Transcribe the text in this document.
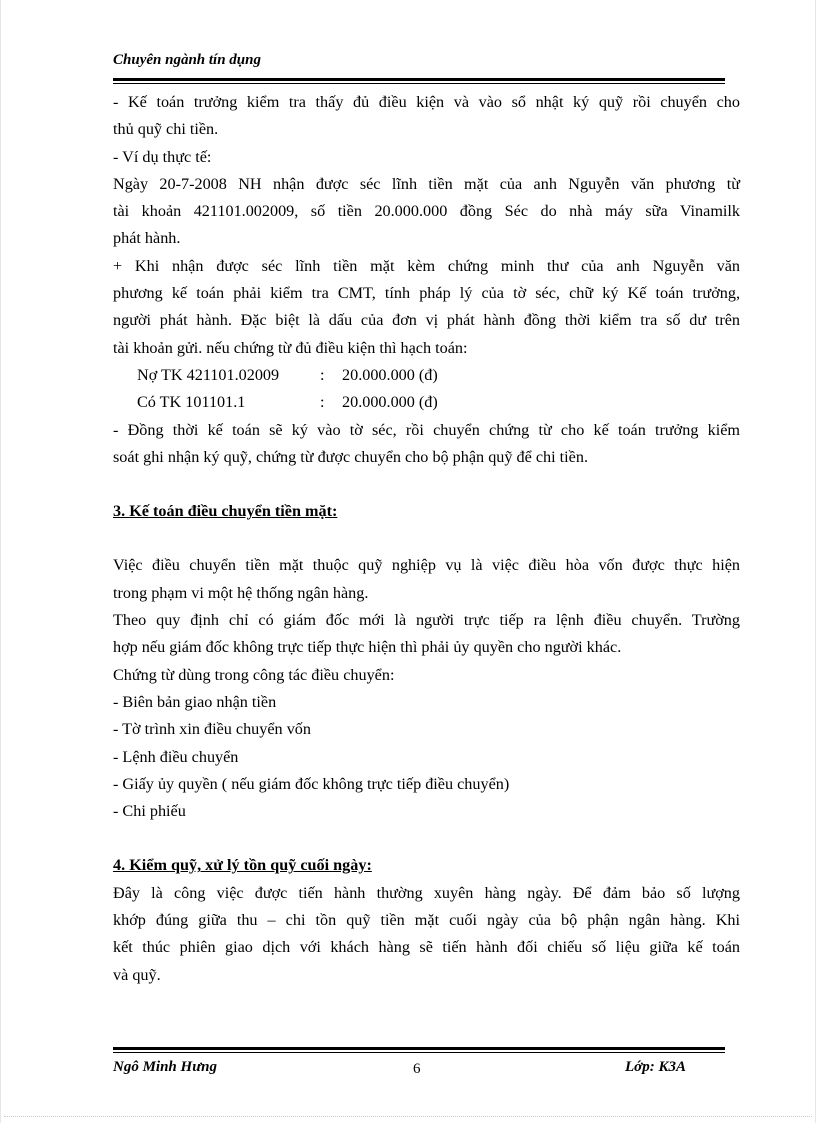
Chuyên ngành tín dụng

- Kế toán trưởng kiểm tra thấy đủ điều kiện và vào sổ nhật ký quỹ rồi chuyển cho

thủ quỹ chi tiền.

- Ví dụ thực tế:

Ngày 20-7-2008 NH nhận được séc lĩnh tiền mặt của anh Nguyễn văn phương từ

tài khoản 421101.002009, số tiền 20.000.000 đồng Séc do nhà máy sữa Vinamilk

phát hành.

+ Khi nhận được séc lĩnh tiền mặt kèm chứng minh thư của anh Nguyễn văn

phương kế toán phải kiểm tra CMT, tính pháp lý của tờ séc, chữ ký Kế toán trưởng,

người phát hành. Đặc biệt là dấu của đơn vị phát hành đồng thời kiểm tra số dư trên

tài khoản gửi. nếu chứng từ đủ điều kiện thì hạch toán:

Nợ TK 421101.02009	:	20.000.000 (đ)
Có TK 101101.1	:	20.000.000 (đ)

- Đồng thời kế toán sẽ ký vào tờ séc, rồi chuyển chứng từ cho kế toán trưởng kiểm

soát ghi nhận ký quỹ, chứng từ được chuyển cho bộ phận quỹ để chi tiền.

3. Kế toán điều chuyển tiền mặt:

Việc điều chuyển tiền mặt thuộc quỹ nghiệp vụ là việc điều hòa vốn được thực hiện

trong phạm vi một hệ thống ngân hàng.

Theo quy định chỉ có giám đốc mới là người trực tiếp ra lệnh điều chuyển. Trường

hợp nếu giám đốc không trực tiếp thực hiện thì phải ủy quyền cho người khác.

Chứng từ dùng trong công tác điều chuyển:

- Biên bản giao nhận tiền

- Tờ trình xin điều chuyển vốn

- Lệnh điều chuyển

- Giấy ủy quyền ( nếu giám đốc không trực tiếp điều chuyển)

- Chi phiếu

4. Kiểm quỹ, xử lý tồn quỹ cuối ngày:

Đây là công việc được tiến hành thường xuyên hàng ngày. Để đảm bảo số lượng

khớp đúng giữa thu – chi tồn quỹ tiền mặt cuối ngày của bộ phận ngân hàng. Khi

kết thúc phiên giao dịch với khách hàng sẽ tiến hành đối chiếu số liệu giữa kế toán

và quỹ.

Ngô Minh Hưng	6	Lớp: K3A
